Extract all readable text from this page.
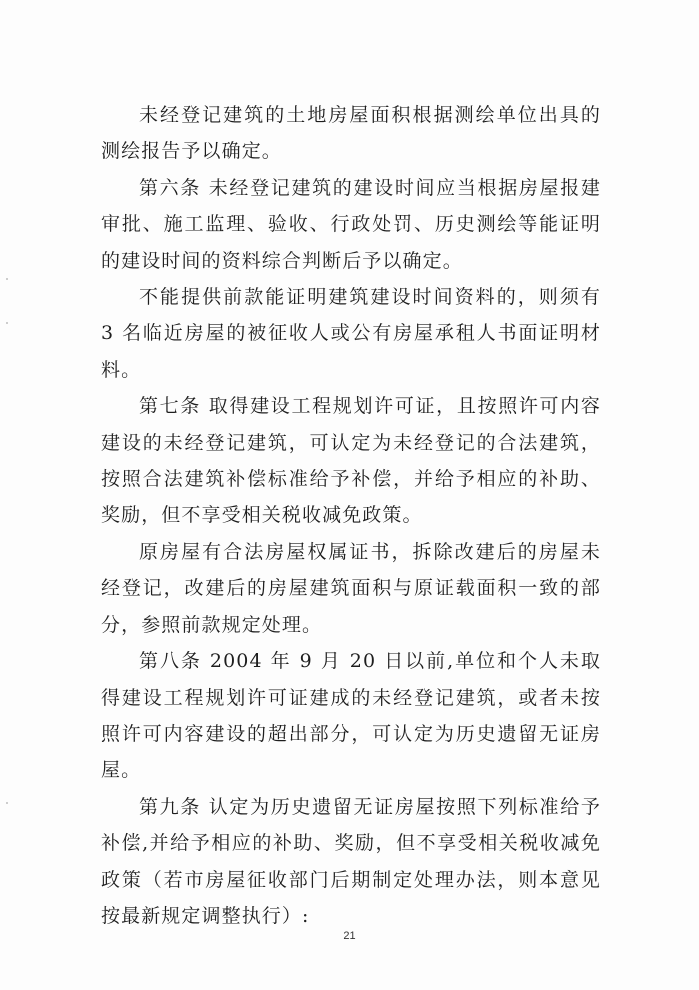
未经登记建筑的土地房屋面积根据测绘单位出具的测绘报告予以确定。

第六条 未经登记建筑的建设时间应当根据房屋报建审批、施工监理、验收、行政处罚、历史测绘等能证明的建设时间的资料综合判断后予以确定。

不能提供前款能证明建筑建设时间资料的，则须有 3 名临近房屋的被征收人或公有房屋承租人书面证明材料。

第七条 取得建设工程规划许可证，且按照许可内容建设的未经登记建筑，可认定为未经登记的合法建筑，按照合法建筑补偿标准给予补偿，并给予相应的补助、奖励，但不享受相关税收减免政策。

原房屋有合法房屋权属证书，拆除改建后的房屋未经登记，改建后的房屋建筑面积与原证载面积一致的部分，参照前款规定处理。

第八条 2004 年 9 月 20 日以前,单位和个人未取得建设工程规划许可证建成的未经登记建筑，或者未按照许可内容建设的超出部分，可认定为历史遗留无证房屋。

第九条 认定为历史遗留无证房屋按照下列标准给予补偿,并给予相应的补助、奖励，但不享受相关税收减免政策（若市房屋征收部门后期制定处理办法，则本意见按最新规定调整执行）:

21
